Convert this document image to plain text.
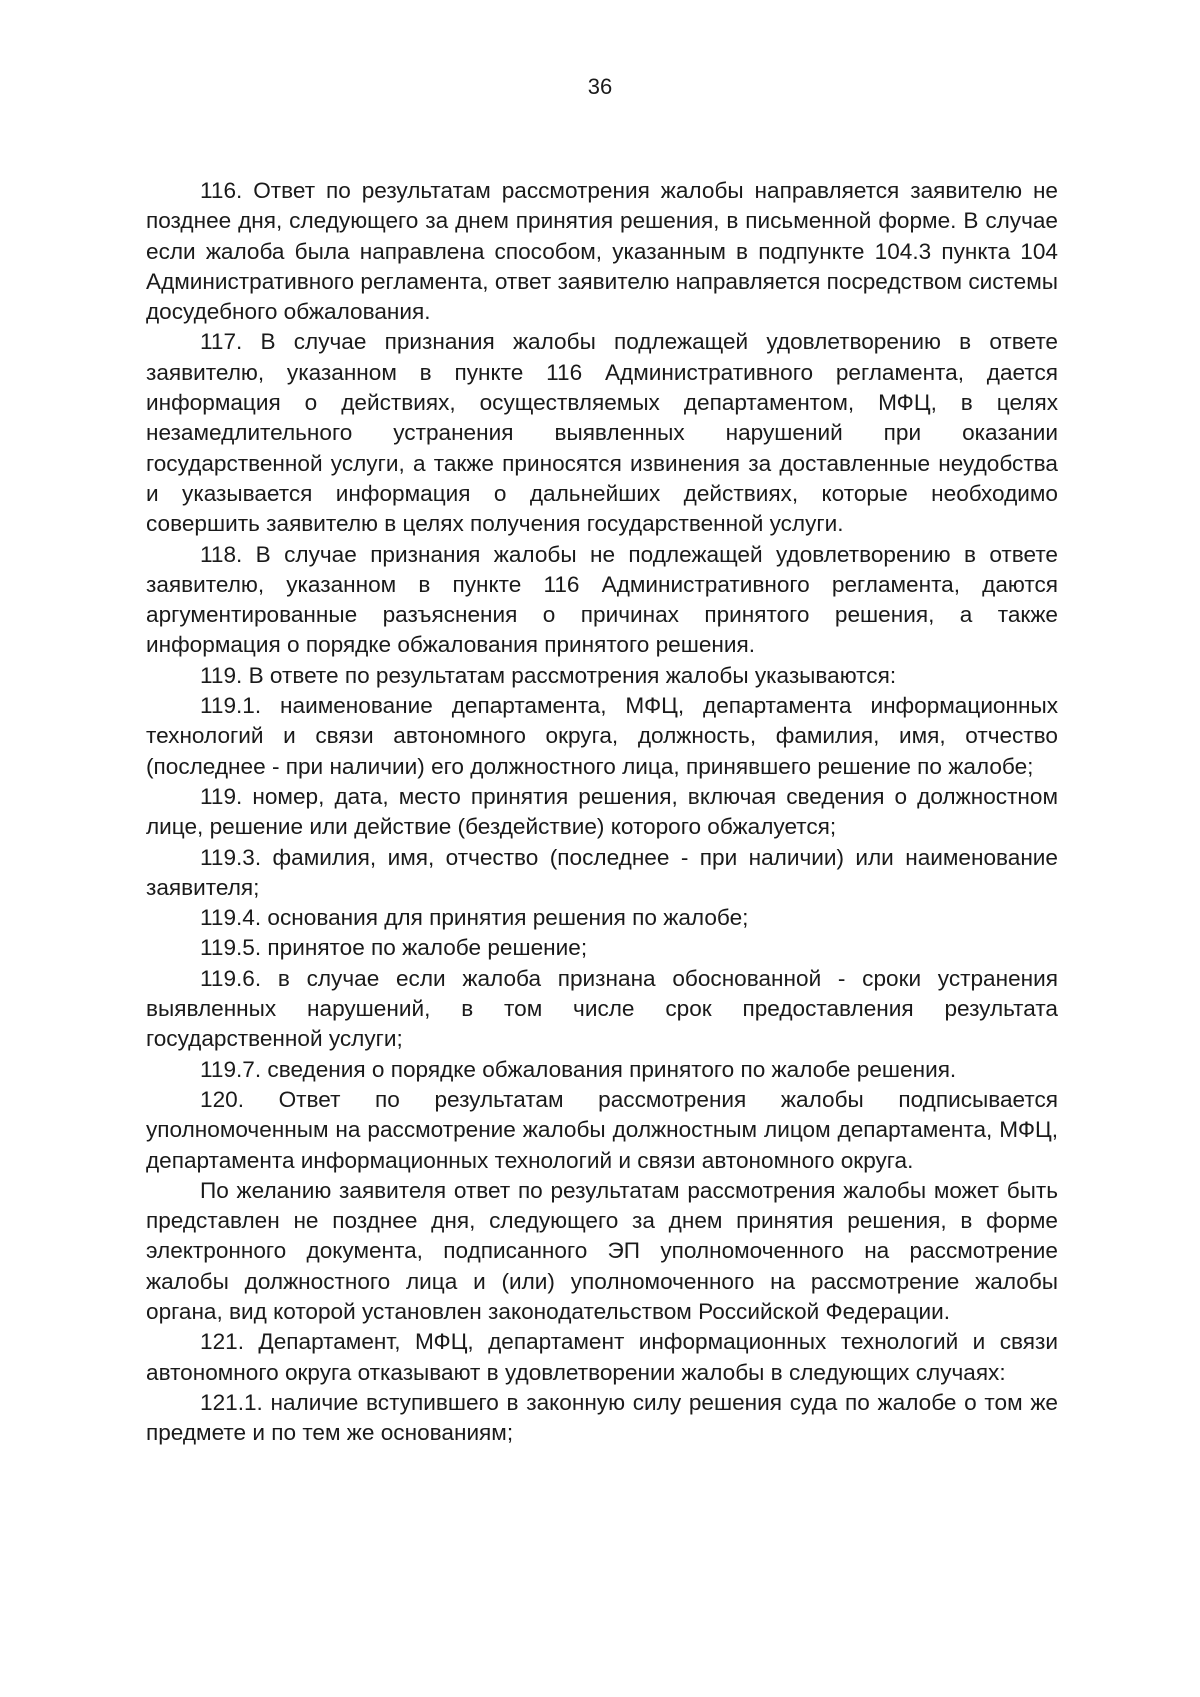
36

116. Ответ по результатам рассмотрения жалобы направляется заявителю не позднее дня, следующего за днем принятия решения, в письменной форме. В случае если жалоба была направлена способом, указанным в подпункте 104.3 пункта 104 Административного регламента, ответ заявителю направляется посредством системы досудебного обжалования.

117. В случае признания жалобы подлежащей удовлетворению в ответе заявителю, указанном в пункте 116 Административного регламента, дается информация о действиях, осуществляемых департаментом, МФЦ, в целях незамедлительного устранения выявленных нарушений при оказании государственной услуги, а также приносятся извинения за доставленные неудобства и указывается информация о дальнейших действиях, которые необходимо совершить заявителю в целях получения государственной услуги.

118. В случае признания жалобы не подлежащей удовлетворению в ответе заявителю, указанном в пункте 116 Административного регламента, даются аргументированные разъяснения о причинах принятого решения, а также информация о порядке обжалования принятого решения.

119. В ответе по результатам рассмотрения жалобы указываются:

119.1. наименование департамента, МФЦ, департамента информационных технологий и связи автономного округа, должность, фамилия, имя, отчество (последнее - при наличии) его должностного лица, принявшего решение по жалобе;

119. номер, дата, место принятия решения, включая сведения о должностном лице, решение или действие (бездействие) которого обжалуется;

119.3. фамилия, имя, отчество (последнее - при наличии) или наименование заявителя;

119.4. основания для принятия решения по жалобе;

119.5. принятое по жалобе решение;

119.6. в случае если жалоба признана обоснованной - сроки устранения выявленных нарушений, в том числе срок предоставления результата государственной услуги;

119.7. сведения о порядке обжалования принятого по жалобе решения.

120. Ответ по результатам рассмотрения жалобы подписывается уполномоченным на рассмотрение жалобы должностным лицом департамента, МФЦ, департамента информационных технологий и связи автономного округа.

По желанию заявителя ответ по результатам рассмотрения жалобы может быть представлен не позднее дня, следующего за днем принятия решения, в форме электронного документа, подписанного ЭП уполномоченного на рассмотрение жалобы должностного лица и (или) уполномоченного на рассмотрение жалобы органа, вид которой установлен законодательством Российской Федерации.

121. Департамент, МФЦ, департамент информационных технологий и связи автономного округа отказывают в удовлетворении жалобы в следующих случаях:

121.1. наличие вступившего в законную силу решения суда по жалобе о том же предмете и по тем же основаниям;
